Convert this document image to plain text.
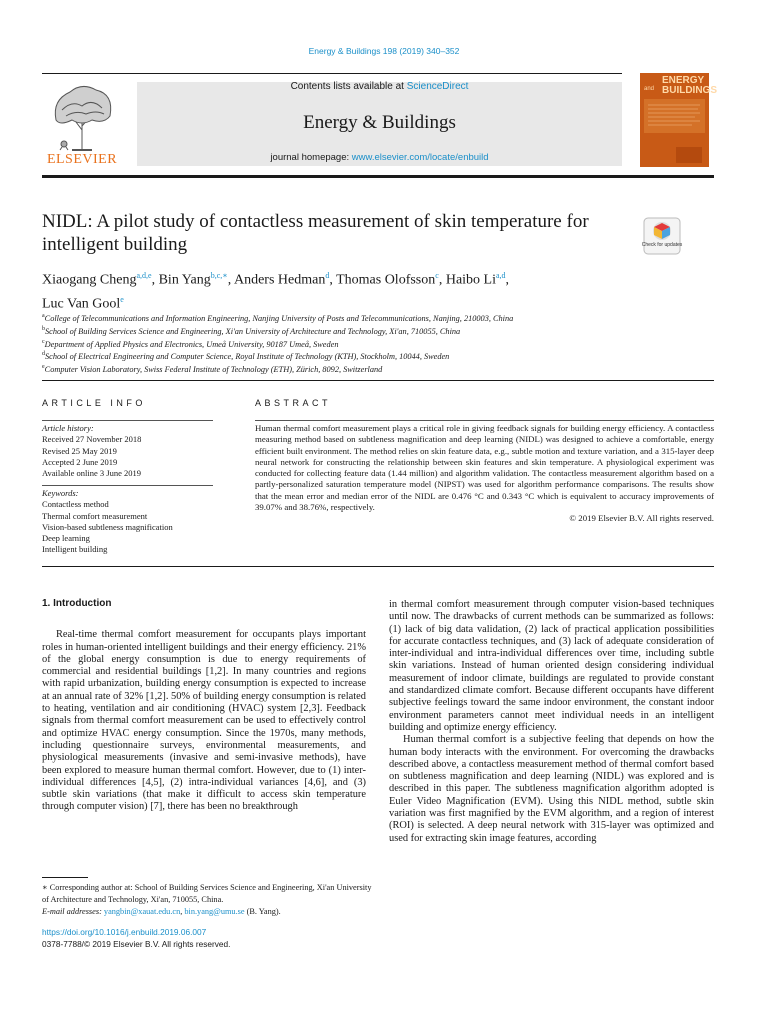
Energy & Buildings 198 (2019) 340–352
ELSEVIER
Contents lists available at ScienceDirect
Energy & Buildings
journal homepage: www.elsevier.com/locate/enbuild
ENERGY BUILDINGS
and
NIDL: A pilot study of contactless measurement of skin temperature for intelligent building	Check for updates
Xiaogang Cheng$^{a,d,e}$, Bin Yang$^{b,c,∗}$, Anders Hedman$^d$, Thomas Olofsson$^c$, Haibo Li$^{a,d}$,
Luc Van Gool$^e$
$^a$College of Telecommunications and Information Engineering, Nanjing University of Posts and Telecommunications, Nanjing, 210003, China
$^b$School of Building Services Science and Engineering, Xi'an University of Architecture and Technology, Xi'an, 710055, China
$^c$Department of Applied Physics and Electronics, Umeå University, 90187 Umeå, Sweden
$^d$School of Electrical Engineering and Computer Science, Royal Institute of Technology (KTH), Stockholm, 10044, Sweden
$^e$Computer Vision Laboratory, Swiss Federal Institute of Technology (ETH), Zürich, 8092, Switzerland
ARTICLE INFO
Article history:
Received 27 November 2018
Revised 25 May 2019
Accepted 2 June 2019
Available online 3 June 2019
Keywords:
Contactless method
Thermal comfort measurement
Vision-based subtleness magnification
Deep learning
Intelligent building
ABSTRACT
Human thermal comfort measurement plays a critical role in giving feedback signals for building energy efficiency. A contactless measuring method based on subtleness magnification and deep learning (NIDL) was designed to achieve a comfortable, energy efficient built environment. The method relies on skin feature data, e.g., subtle motion and texture variation, and a 315-layer deep neural network for constructing the relationship between skin features and skin temperature. A physiological experiment was conducted for collecting feature data (1.44 million) and algorithm validation. The contactless measurement algorithm based on a partly-personalized saturation temperature model (NIPST) was used for algorithm performance comparisons. The results show that the mean error and median error of the NIDL are 0.476 °C and 0.343 °C which is equivalent to accuracy improvements of 39.07% and 38.76%, respectively.
© 2019 Elsevier B.V. All rights reserved.
1. Introduction

Real-time thermal comfort measurement for occupants plays important roles in human-oriented intelligent buildings and their energy efficiency. 21% of the global energy consumption is due to energy requirements of commercial and residential buildings [1,2]. In many countries and regions with rapid urbanization, building energy consumption is expected to increase at an annual rate of 32% [1,2]. 50% of building energy consumption is related to heating, ventilation and air conditioning (HVAC) system [2,3]. Feedback signals from thermal comfort measurement can be used to effectively control and optimize HVAC energy consumption. Since the 1970s, many methods, including questionnaire surveys, environmental measurements, and physiological measurements (invasive and semi-invasive methods), have been explored to measure human thermal comfort. However, due to (1) inter-individual differences [4,5], (2) intra-individual variances [4,6], and (3) subtle skin variations (that make it difficult to access skin temperature through computer vision) [7], there has been no breakthrough

in thermal comfort measurement through computer vision-based techniques until now. The drawbacks of current methods can be summarized as follows: (1) lack of big data validation, (2) lack of practical application possibilities for accurate contactless techniques, and (3) lack of adequate consideration of inter-individual and intra-individual differences over time, including subtle skin variations. Instead of human oriented design considering individual measurement of indoor climate, buildings are regulated to provide constant and standardized climate comfort. Because different occupants have different subjective feelings toward the same indoor environment, the constant indoor environment parameters cannot meet individual needs in an intelligent building and optimize energy efficiency.

Human thermal comfort is a subjective feeling that depends on how the human body interacts with the environment. For overcoming the drawbacks described above, a contactless measurement method of thermal comfort based on subtleness magnification and deep learning (NIDL) was explored and is described in this paper. The subtleness magnification algorithm adopted is Euler Video Magnification (EVM). Using this NIDL method, subtle skin variation was first magnified by the EVM algorithm, and a region of interest (ROI) is selected. A deep neural network with 315-layer was optimized and used for extracting skin image features, according

∗ Corresponding author at: School of Building Services Science and Engineering, Xi'an University of Architecture and Technology, Xi'an, 710055, China.
E-mail addresses: yangbin@xauat.edu.cn, bin.yang@umu.se (B. Yang).
https://doi.org/10.1016/j.enbuild.2019.06.007
0378-7788/© 2019 Elsevier B.V. All rights reserved.
